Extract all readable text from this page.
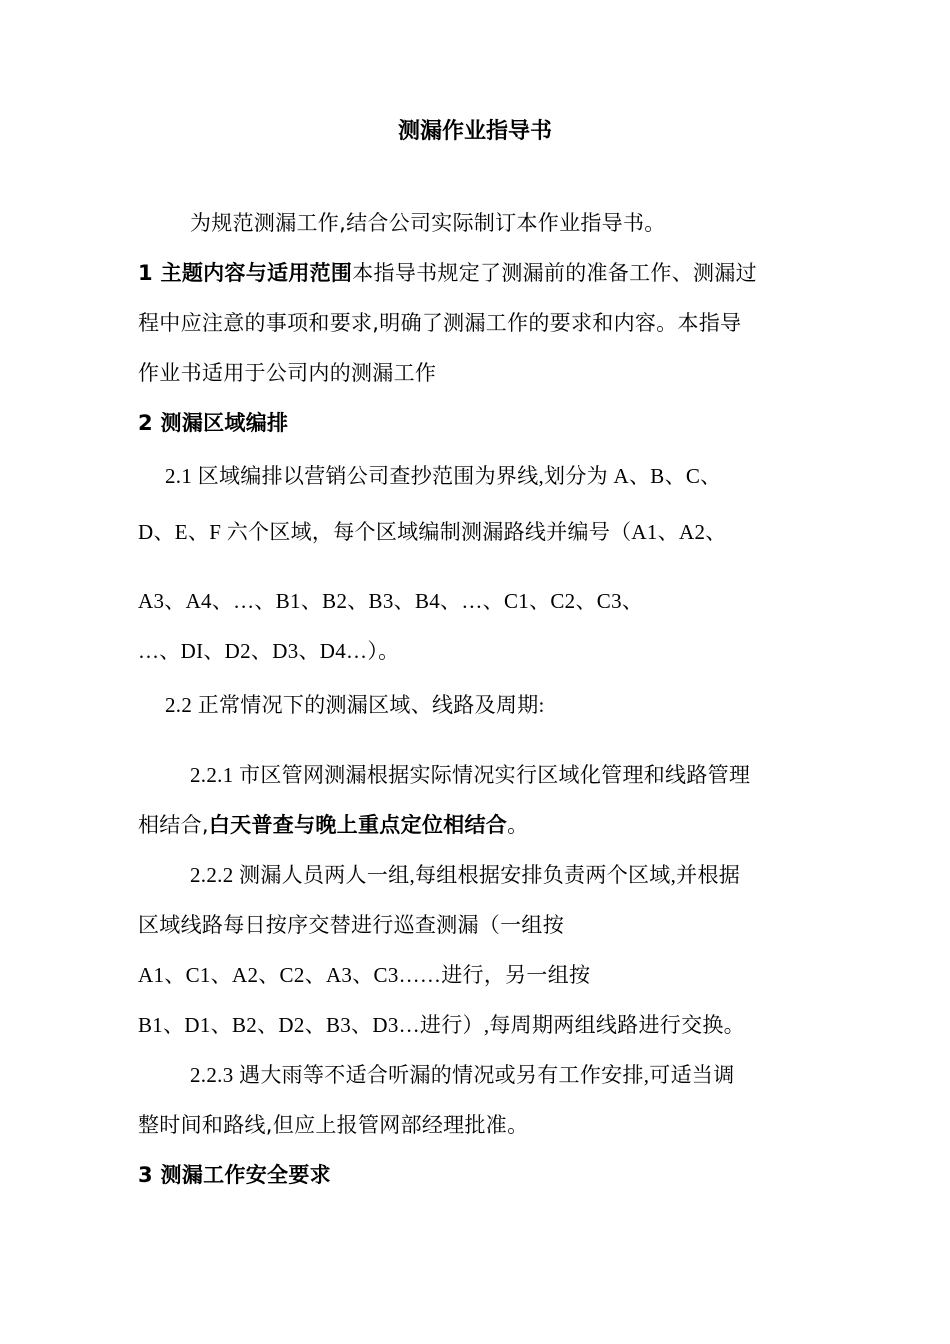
测漏作业指导书
为规范测漏工作,结合公司实际制订本作业指导书。
1 主题内容与适用范围本指导书规定了测漏前的准备工作、测漏过
程中应注意的事项和要求,明确了测漏工作的要求和内容。本指导
作业书适用于公司内的测漏工作
2 测漏区域编排
2.1 区域编排以营销公司查抄范围为界线,划分为 A、B、C、
D、E、F 六个区域，每个区域编制测漏路线并编号（A1、A2、
A3、A4、…、B1、B2、B3、B4、…、C1、C2、C3、
…、DI、D2、D3、D4…）。
2.2 正常情况下的测漏区域、线路及周期:
2.2.1 市区管网测漏根据实际情况实行区域化管理和线路管理
相结合,白天普查与晚上重点定位相结合。
2.2.2 测漏人员两人一组,每组根据安排负责两个区域,并根据
区域线路每日按序交替进行巡查测漏（一组按
A1、C1、A2、C2、A3、C3……进行，另一组按
B1、D1、B2、D2、B3、D3…进行）,每周期两组线路进行交换。
2.2.3 遇大雨等不适合听漏的情况或另有工作安排,可适当调
整时间和路线,但应上报管网部经理批准。
3 测漏工作安全要求
